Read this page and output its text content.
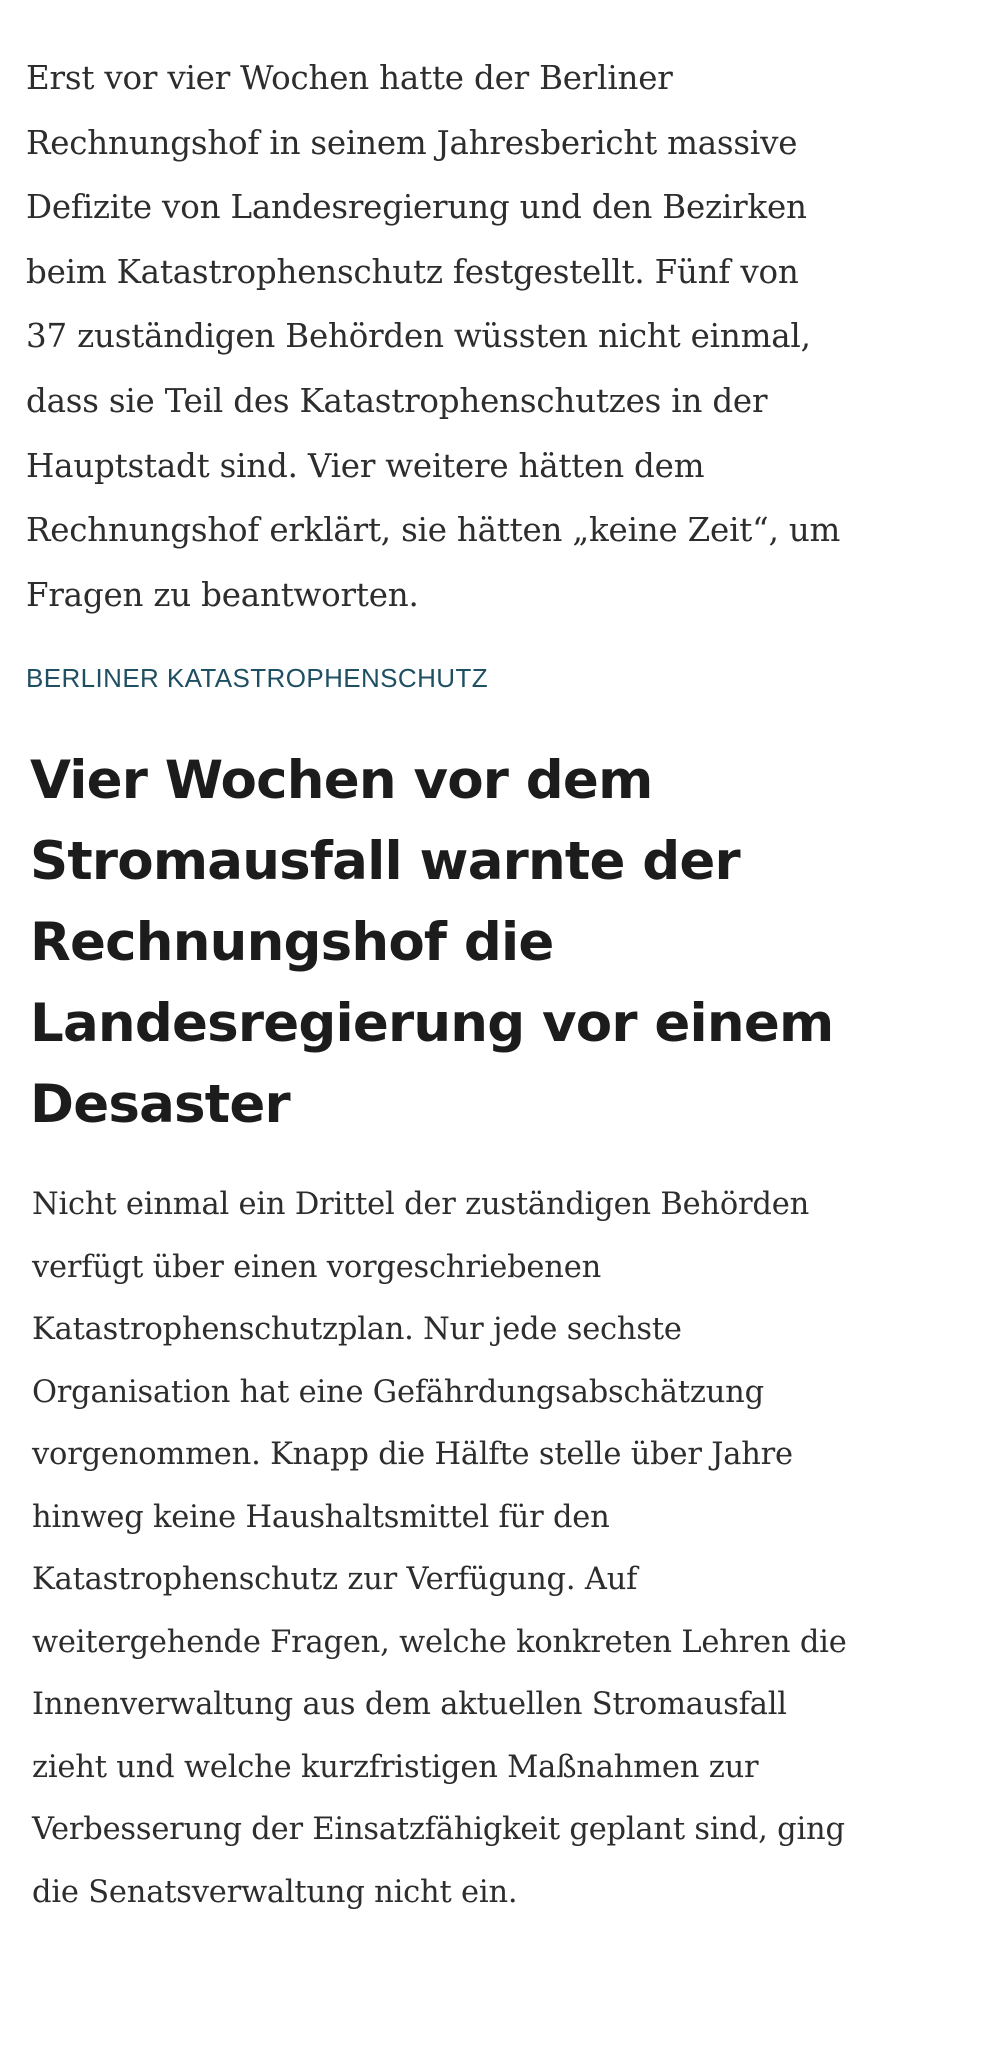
Erst vor vier Wochen hatte der Berliner Rechnungshof in seinem Jahresbericht massive Defizite von Landesregierung und den Bezirken beim Katastrophenschutz festgestellt. Fünf von 37 zuständigen Behörden wüssten nicht einmal, dass sie Teil des Katastrophenschutzes in der Hauptstadt sind. Vier weitere hätten dem Rechnungshof erklärt, sie hätten „keine Zeit“, um Fragen zu beantworten.

BERLINER KATASTROPHENSCHUTZ

Vier Wochen vor dem Stromausfall warnte der Rechnungshof die Landesregierung vor einem Desaster

Nicht einmal ein Drittel der zuständigen Behörden verfügt über einen vorgeschriebenen Katastrophenschutzplan. Nur jede sechste Organisation hat eine Gefährdungsabschätzung vorgenommen. Knapp die Hälfte stelle über Jahre hinweg keine Haushaltsmittel für den Katastrophenschutz zur Verfügung. Auf weitergehende Fragen, welche konkreten Lehren die Innenverwaltung aus dem aktuellen Stromausfall zieht und welche kurzfristigen Maßnahmen zur Verbesserung der Einsatzfähigkeit geplant sind, ging die Senatsverwaltung nicht ein.
